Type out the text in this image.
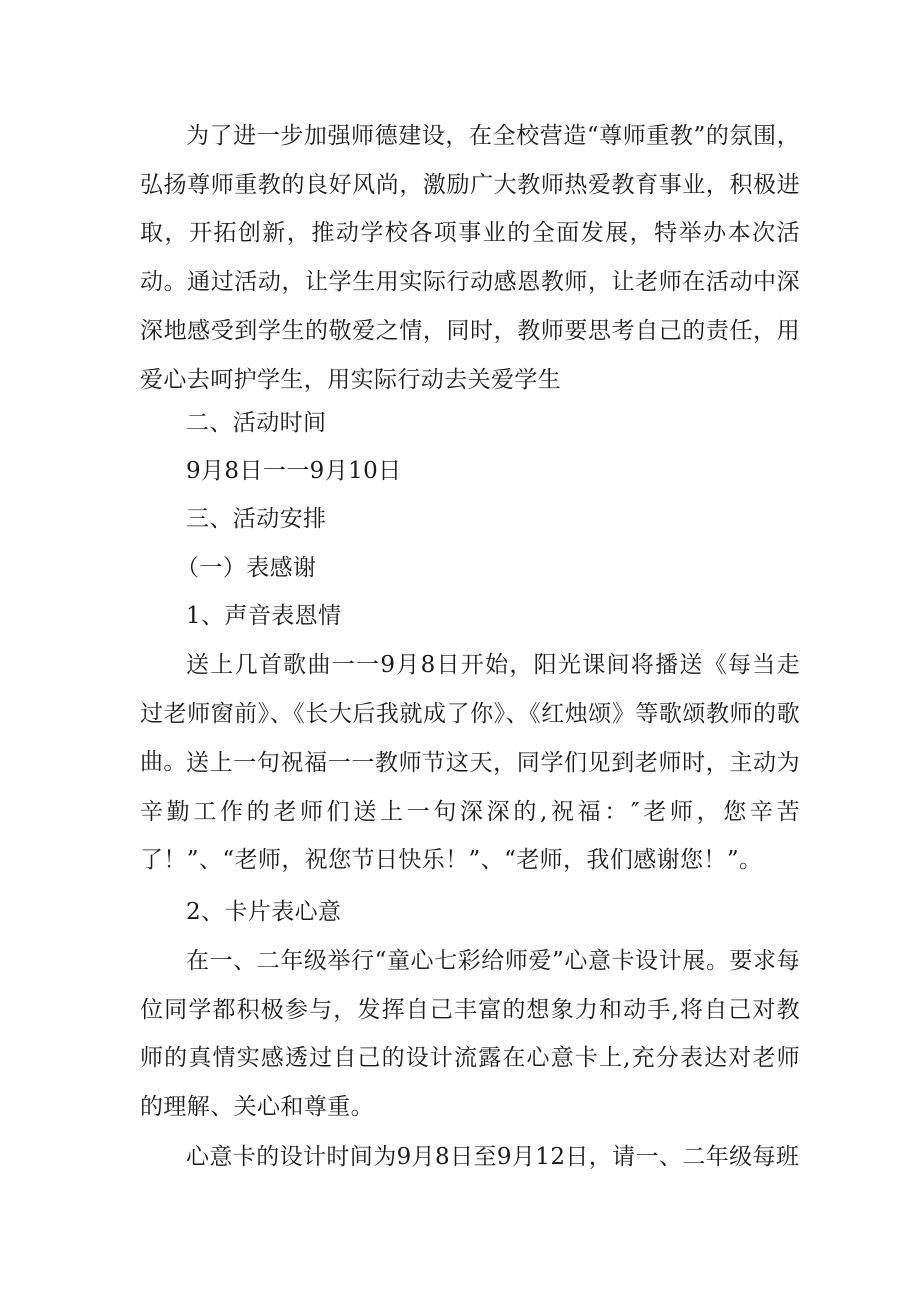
为了进一步加强师德建设，在全校营造“尊师重教”的氛围，弘扬尊师重教的良好风尚，激励广大教师热爱教育事业，积极进取，开拓创新，推动学校各项事业的全面发展，特举办本次活动。通过活动，让学生用实际行动感恩教师，让老师在活动中深深地感受到学生的敬爱之情，同时，教师要思考自己的责任，用爱心去呵护学生，用实际行动去关爱学生

二、活动时间

9月8日一一9月10日

三、活动安排

（一）表感谢

1、声音表恩情

送上几首歌曲一一9月8日开始，阳光课间将播送《每当走过老师窗前》、《长大后我就成了你》、《红烛颂》等歌颂教师的歌曲。 送上一句祝福一一教师节这天，同学们见到老师时，主动为辛勤工作的老师们送上一句深深的,祝福：″老师，您辛苦了！”、“老师，祝您节日快乐！”、“老师，我们感谢您！”。

2、卡片表心意

在一、二年级举行“童心七彩给师爱”心意卡设计展。要求每位同学都积极参与，发挥自己丰富的想象力和动手,将自己对教师的真情实感透过自己的设计流露在心意卡上,充分表达对老师的理解、关心和尊重。

心意卡的设计时间为9月8日至9月12日，请一、二年级每班
